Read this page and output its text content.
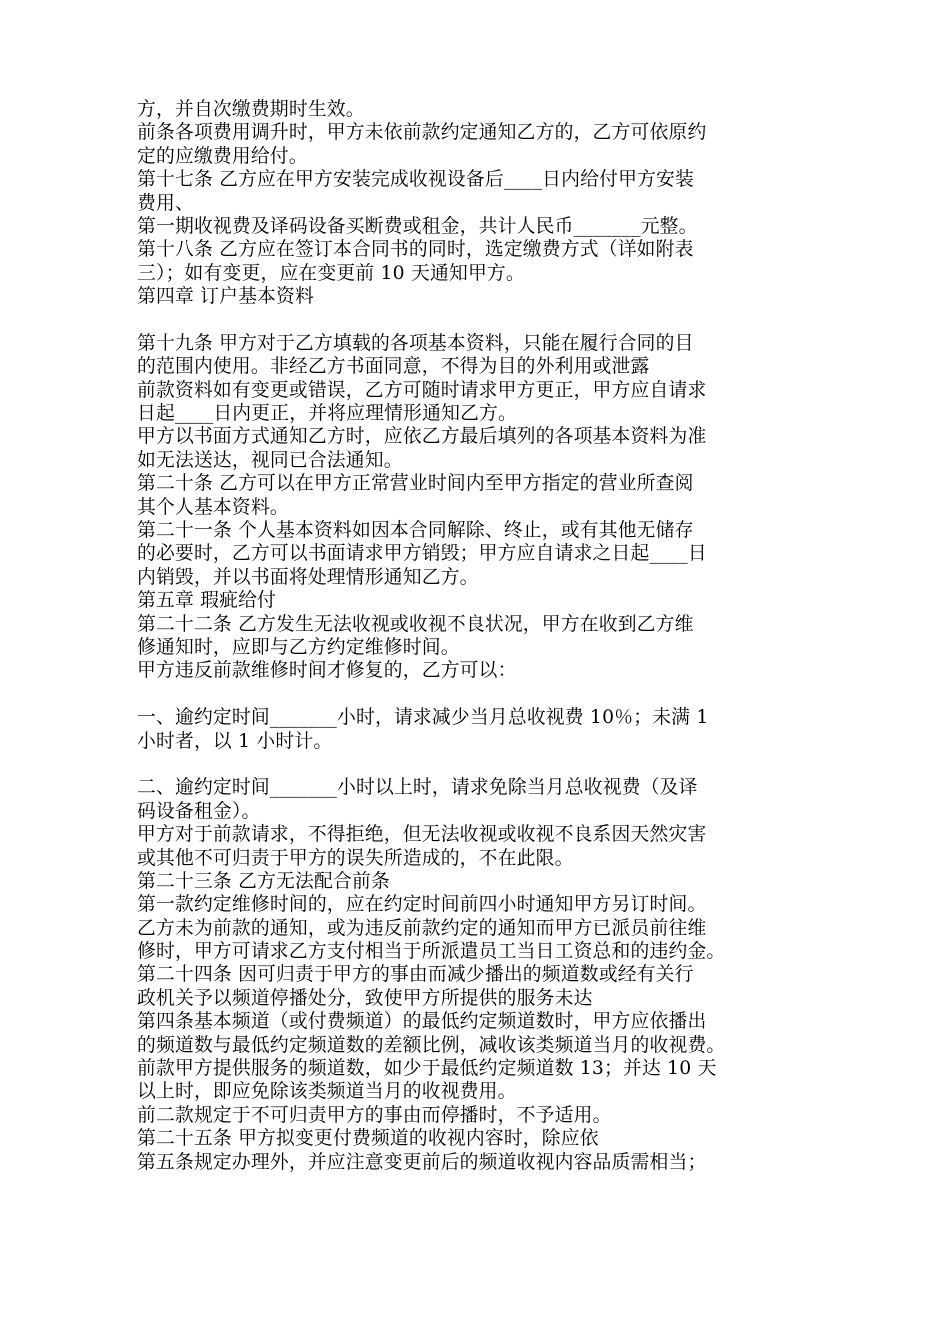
方，并自次缴费期时生效。
前条各项费用调升时，甲方未依前款约定通知乙方的，乙方可依原约
定的应缴费用给付。
第十七条 乙方应在甲方安装完成收视设备后____日内给付甲方安装
费用、
第一期收视费及译码设备买断费或租金，共计人民币_______元整。
第十八条 乙方应在签订本合同书的同时，选定缴费方式（详如附表
三）；如有变更，应在变更前 10 天通知甲方。
第四章 订户基本资料
第十九条 甲方对于乙方填载的各项基本资料，只能在履行合同的目
的范围内使用。非经乙方书面同意，不得为目的外利用或泄露
前款资料如有变更或错误，乙方可随时请求甲方更正，甲方应自请求
日起____日内更正，并将应理情形通知乙方。
甲方以书面方式通知乙方时，应依乙方最后填列的各项基本资料为准
如无法送达，视同已合法通知。
第二十条 乙方可以在甲方正常营业时间内至甲方指定的营业所查阅
其个人基本资料。
第二十一条 个人基本资料如因本合同解除、终止，或有其他无储存
的必要时，乙方可以书面请求甲方销毁；甲方应自请求之日起____日
内销毁，并以书面将处理情形通知乙方。
第五章 瑕疵给付
第二十二条 乙方发生无法收视或收视不良状况，甲方在收到乙方维
修通知时，应即与乙方约定维修时间。
甲方违反前款维修时间才修复的，乙方可以：
一、逾约定时间_______小时，请求减少当月总收视费 10％；未满 1
小时者，以 1 小时计。
二、逾约定时间_______小时以上时，请求免除当月总收视费（及译
码设备租金）。
甲方对于前款请求，不得拒绝，但无法收视或收视不良系因天然灾害
或其他不可归责于甲方的误失所造成的，不在此限。
第二十三条 乙方无法配合前条
第一款约定维修时间的，应在约定时间前四小时通知甲方另订时间。
乙方未为前款的通知，或为违反前款约定的通知而甲方已派员前往维
修时，甲方可请求乙方支付相当于所派遣员工当日工资总和的违约金。
第二十四条 因可归责于甲方的事由而减少播出的频道数或经有关行
政机关予以频道停播处分，致使甲方所提供的服务未达
第四条基本频道（或付费频道）的最低约定频道数时，甲方应依播出
的频道数与最低约定频道数的差额比例，减收该类频道当月的收视费。
前款甲方提供服务的频道数，如少于最低约定频道数 13；并达 10 天
以上时，即应免除该类频道当月的收视费用。
前二款规定于不可归责甲方的事由而停播时，不予适用。
第二十五条 甲方拟变更付费频道的收视内容时，除应依
第五条规定办理外，并应注意变更前后的频道收视内容品质需相当；
